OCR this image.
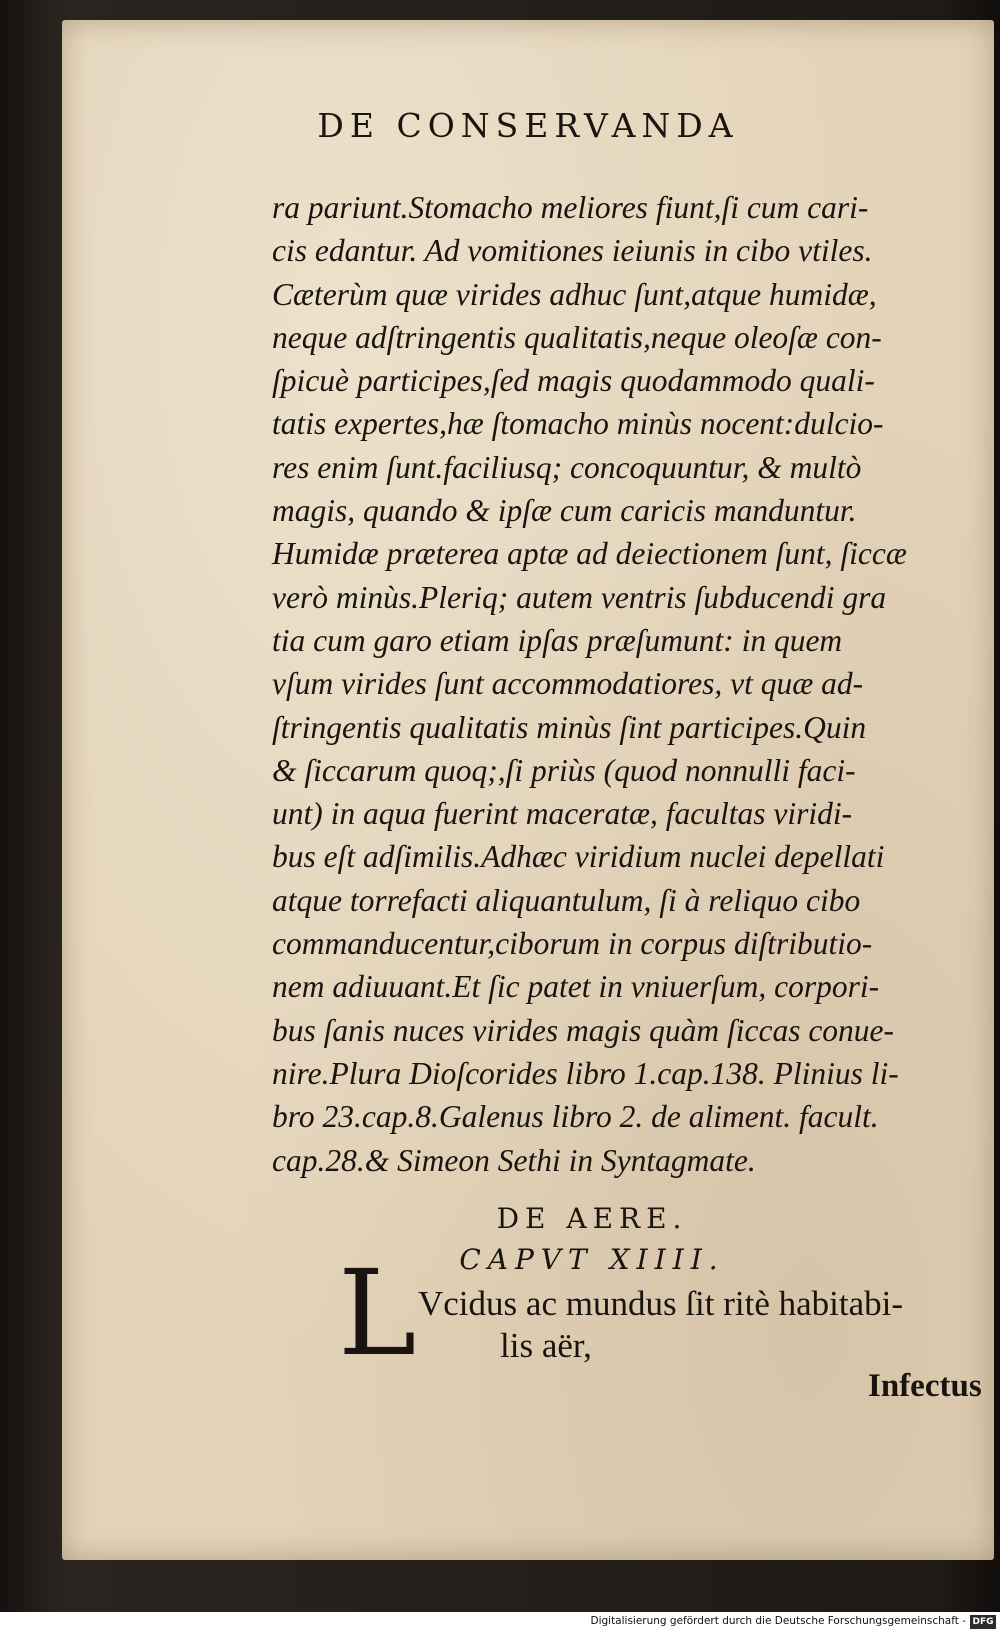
DE CONSERVANDA
ra pariunt.Stomacho meliores fiunt,ſi cum cari-
cis edantur. Ad vomitiones ieiunis in cibo vtiles.
Cæterùm quæ virides adhuc ſunt,atque humidæ,
neque adſtringentis qualitatis,neque oleoſæ con-
ſpicuè participes,ſed magis quodammodo quali-
tatis expertes,hæ ſtomacho minùs nocent:dulcio-
res enim ſunt.faciliusq; concoquuntur, & multò
magis, quando & ipſæ cum caricis manduntur.
Humidæ præterea aptæ ad deiectionem ſunt, ſiccæ
verò minùs.Pleriq; autem ventris ſubducendi gra
tia cum garo etiam ipſas præſumunt: in quem
vſum virides ſunt accommodatiores, vt quæ ad-
ſtringentis qualitatis minùs ſint participes.Quin
& ſiccarum quoq;,ſi priùs (quod nonnulli faci-
unt) in aqua fuerint maceratæ, facultas viridi-
bus eſt adſimilis.Adhæc viridium nuclei depellati
atque torrefacti aliquantulum, ſi à reliquo cibo
commanducentur,ciborum in corpus diſtributio-
nem adiuuant.Et ſic patet in vniuerſum, corpori-
bus ſanis nuces virides magis quàm ſiccas conue-
nire.Plura Dioſcorides libro 1.cap.138. Plinius li-
bro 23.cap.8.Galenus libro 2. de aliment. facult.
cap.28.& Simeon Sethi in Syntagmate.
DE AERE.
CAPVT XIIII.
L Vcidus ac mundus ſit ritè habitabi-
lis aër,
Infectus
Digitalisierung gefördert durch die Deutsche Forschungsgemeinschaft - DFG
